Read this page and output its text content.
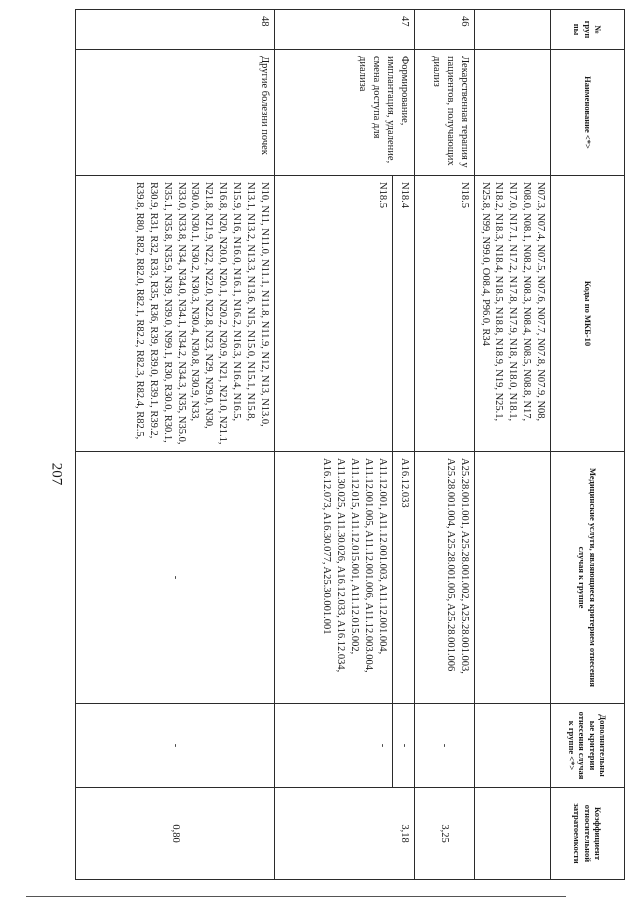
207
№ груп пы	Наименование <*>	Коды по МКБ-10	Медицинские услуги, являющиеся критерием отнесения случая к группе	Дополнительны ые критерии отнесения случая к группе <*>	Коэффициент относительной затратоемкости
		N07.3, N07.4, N07.5, N07.6, N07.7, N07.8, N07.9, N08, N08.0, N08.1, N08.2, N08.3, N08.4, N08.5, N08.8, N17, N17.0, N17.1, N17.2, N17.8, N17.9, N18, N18.0, N18.1, N18.2, N18.3, N18.4, N18.5, N18.8, N18.9, N19, N25.1, N25.8, N99, N99.0, O08.4, P96.0, R34			
46	Лекарственная терапия у пациентов, получающих диализ	N18.5	A25.28.001.001, A25.28.001.002, A25.28.001.003, A25.28.001.004, A25.28.001.005, A25.28.001.006	-	3,25
47	Формирование, имплантация, удаление, смена доступа для диализа	N18.4	A16.12.033	-	3,18
		N18.5	A11.12.001, A11.12.001.003, A11.12.001.004, A11.12.001.005, A11.12.001.006, A11.12.003.004, A11.12.015, A11.12.015.001, A11.12.015.002, A11.30.025, A11.30.026, A16.12.033, A16.12.034, A16.12.073, A16.30.077, A25.30.001.001	-	
48	Другие болезни почек	N10, N11, N11.0, N11.1, N11.8, N11.9, N12, N13, N13.0, N13.1, N13.2, N13.3, N13.6, N15, N15.0, N15.1, N15.8, N15.9, N16, N16.0, N16.1, N16.2, N16.3, N16.4, N16.5, N16.8, N20, N20.0, N20.1, N20.2, N20.9, N21, N21.0, N21.1, N21.8, N21.9, N22, N22.0, N22.8, N23, N29, N29.0, N30, N30.0, N30.1, N30.2, N30.3, N30.4, N30.8, N30.9, N33, N33.0, N33.8, N34, N34.0, N34.1, N34.2, N34.3, N35, N35.0, N35.1, N35.8, N35.9, N39, N39.0, N99.1, R30, R30.0, R30.1, R30.9, R31, R32, R33, R35, R36, R39, R39.0, R39.1, R39.2, R39.8, R80, R82, R82.0, R82.1, R82.2, R82.3, R82.4, R82.5,	-	-	0,80
